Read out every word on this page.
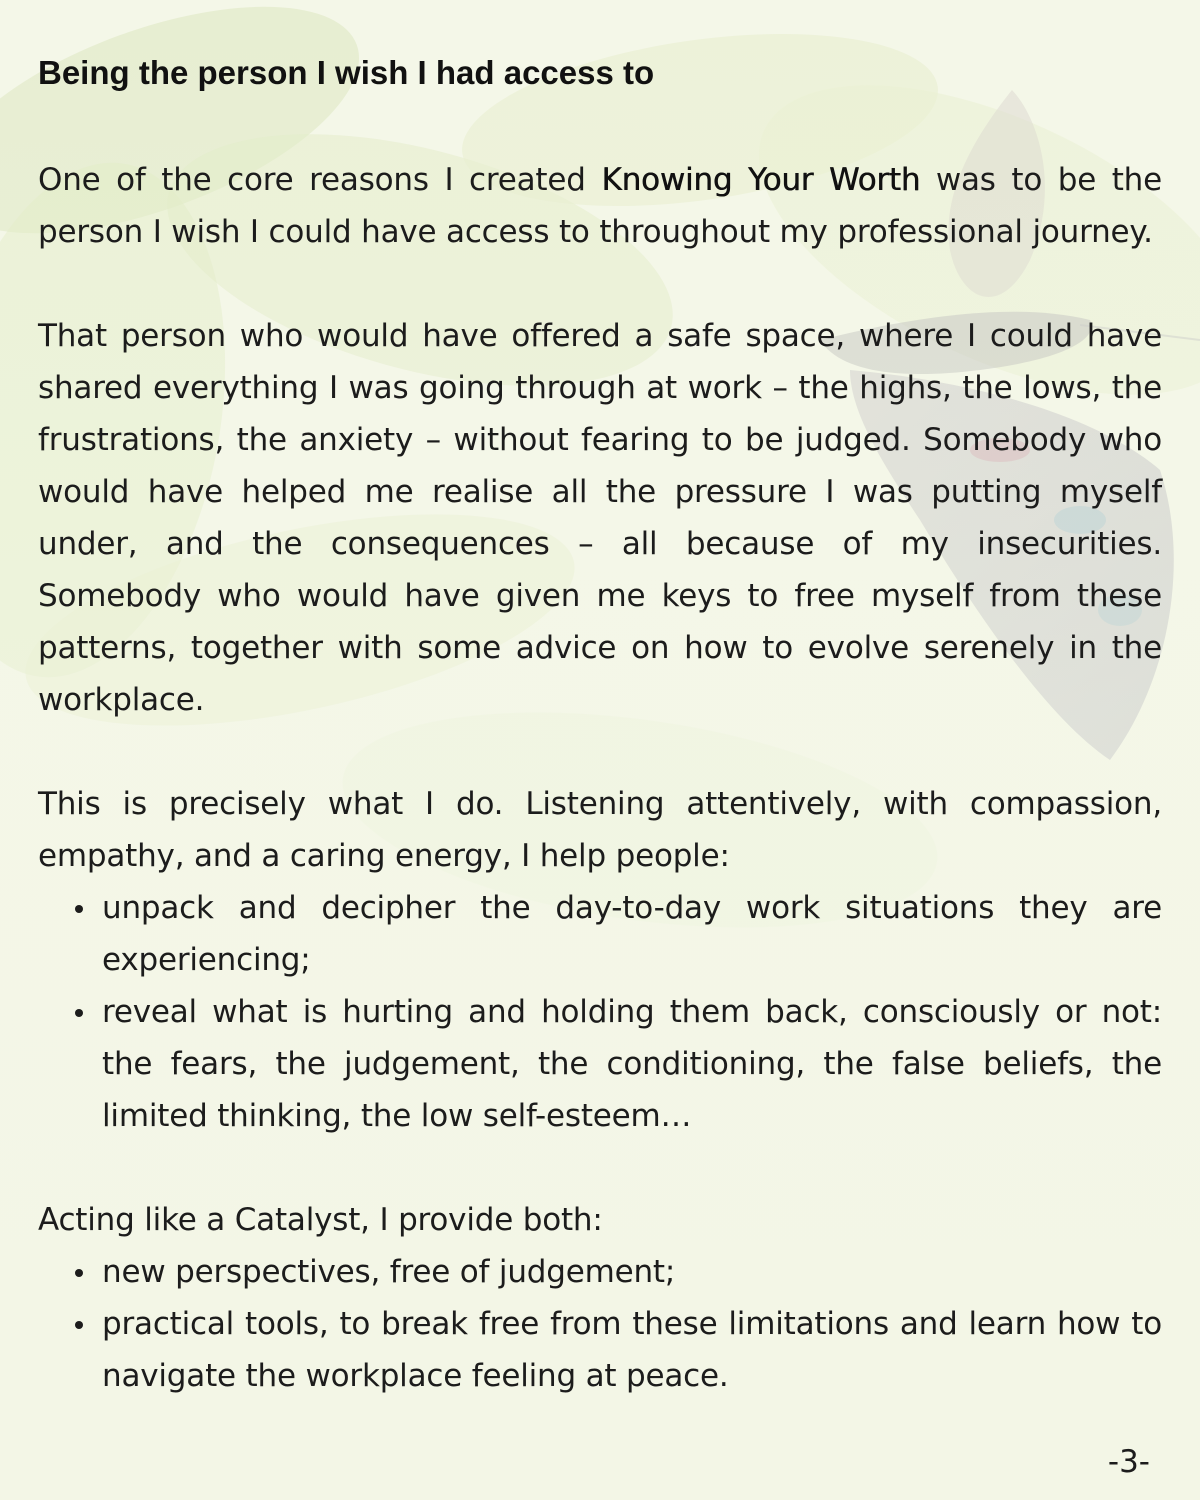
Being the person I wish I had access to

One of the core reasons I created Knowing Your Worth was to be the person I wish I could have access to throughout my professional journey.

That person who would have offered a safe space, where I could have shared everything I was going through at work – the highs, the lows, the frustrations, the anxiety – without fearing to be judged. Somebody who would have helped me realise all the pressure I was putting myself under, and the consequences – all because of my insecurities. Somebody who would have given me keys to free myself from these patterns, together with some advice on how to evolve serenely in the workplace.

This is precisely what I do. Listening attentively, with compassion, empathy, and a caring energy, I help people:

unpack and decipher the day-to-day work situations they are experiencing;
reveal what is hurting and holding them back, consciously or not: the fears, the judgement, the conditioning, the false beliefs, the limited thinking, the low self-esteem…

Acting like a Catalyst, I provide both:

new perspectives, free of judgement;
practical tools, to break free from these limitations and learn how to navigate the workplace feeling at peace.
-3-
